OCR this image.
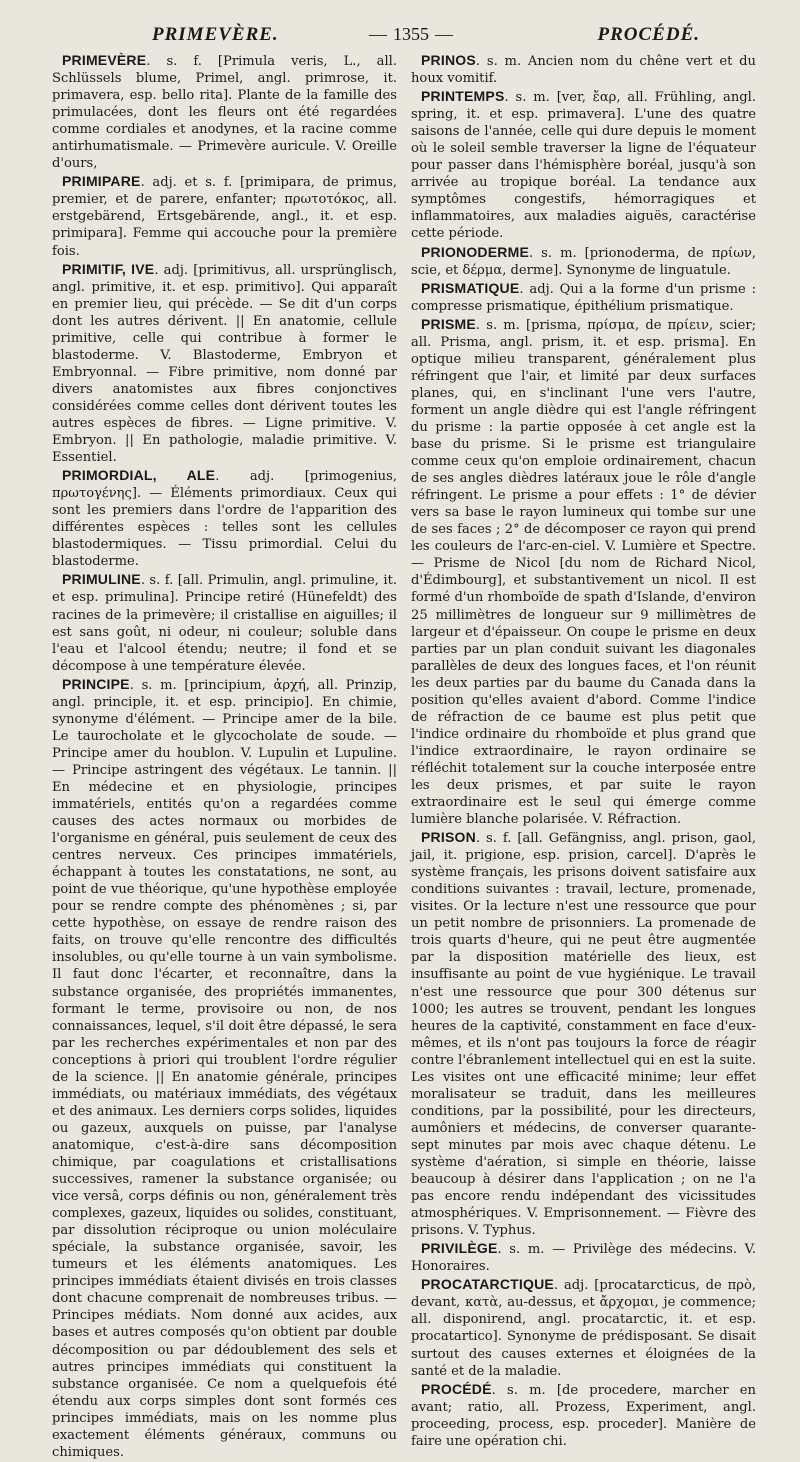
PRIMEVÈRE.	— 1355 —	PROCÉDÉ.

PRIMEVÈRE. s. f. [Primula veris, L., all. Schlüssels blume, Primel, angl. primrose, it. primavera, esp. bello rita]. Plante de la famille des primulacées, dont les fleurs ont été regardées comme cordiales et anodynes, et la racine comme antirhumatismale. — Primevère auricule. V. Oreille d'ours,

PRIMIPARE. adj. et s. f. [primipara, de primus, premier, et de parere, enfanter; πρωτοτόκος, all. erstgebärend, Ertsgebärende, angl., it. et esp. primipara]. Femme qui accouche pour la première fois.

PRIMITIF, IVE. adj. [primitivus, all. ursprünglisch, angl. primitive, it. et esp. primitivo]. Qui apparaît en premier lieu, qui précède. — Se dit d'un corps dont les autres dérivent. || En anatomie, cellule primitive, celle qui contribue à former le blastoderme. V. Blastoderme, Embryon et Embryonnal. — Fibre primitive, nom donné par divers anatomistes aux fibres conjonctives considérées comme celles dont dérivent toutes les autres espèces de fibres. — Ligne primitive. V. Embryon. || En pathologie, maladie primitive. V. Essentiel.

PRIMORDIAL, ALE. adj. [primogenius, πρωτογένης]. — Éléments primordiaux. Ceux qui sont les premiers dans l'ordre de l'apparition des différentes espèces : telles sont les cellules blastodermiques. — Tissu primordial. Celui du blastoderme.

PRIMULINE. s. f. [all. Primulin, angl. primuline, it. et esp. primulina]. Principe retiré (Hünefeldt) des racines de la primevère; il cristallise en aiguilles; il est sans goût, ni odeur, ni couleur; soluble dans l'eau et l'alcool étendu; neutre; il fond et se décompose à une température élevée.

PRINCIPE. s. m. [principium, ἀρχή, all. Prinzip, angl. principle, it. et esp. principio]. En chimie, synonyme d'élément. — Principe amer de la bile. Le taurocholate et le glycocholate de soude. — Principe amer du houblon. V. Lupulin et Lupuline. — Principe astringent des végétaux. Le tannin. || En médecine et en physiologie, principes immatériels, entités qu'on a regardées comme causes des actes normaux ou morbides de l'organisme en général, puis seulement de ceux des centres nerveux. Ces principes immatériels, échappant à toutes les constatations, ne sont, au point de vue théorique, qu'une hypothèse employée pour se rendre compte des phénomènes ; si, par cette hypothèse, on essaye de rendre raison des faits, on trouve qu'elle rencontre des difficultés insolubles, ou qu'elle tourne à un vain symbolisme. Il faut donc l'écarter, et reconnaître, dans la substance organisée, des propriétés immanentes, formant le terme, provisoire ou non, de nos connaissances, lequel, s'il doit être dépassé, le sera par les recherches expérimentales et non par des conceptions à priori qui troublent l'ordre régulier de la science. || En anatomie générale, principes immédiats, ou matériaux immédiats, des végétaux et des animaux. Les derniers corps solides, liquides ou gazeux, auxquels on puisse, par l'analyse anatomique, c'est-à-dire sans décomposition chimique, par coagulations et cristallisations successives, ramener la substance organisée; ou vice versâ, corps définis ou non, généralement très complexes, gazeux, liquides ou solides, constituant, par dissolution réciproque ou union moléculaire spéciale, la substance organisée, savoir, les tumeurs et les éléments anatomiques. Les principes immédiats étaient divisés en trois classes dont chacune comprenait de nombreuses tribus. — Principes médiats. Nom donné aux acides, aux bases et autres composés qu'on obtient par double décomposition ou par dédoublement des sels et autres principes immédiats qui constituent la substance organisée. Ce nom a quelquefois été étendu aux corps simples dont sont formés ces principes immédiats, mais on les nomme plus exactement éléments généraux, communs ou chimiques.

PRINOS. s. m. Ancien nom du chêne vert et du houx vomitif.

PRINTEMPS. s. m. [ver, ἔαρ, all. Frühling, angl. spring, it. et esp. primavera]. L'une des quatre saisons de l'année, celle qui dure depuis le moment où le soleil semble traverser la ligne de l'équateur pour passer dans l'hémisphère boréal, jusqu'à son arrivée au tropique boréal. La tendance aux symptômes congestifs, hémorragiques et inflammatoires, aux maladies aiguës, caractérise cette période.

PRIONODERME. s. m. [prionoderma, de πρίων, scie, et δέρμα, derme]. Synonyme de linguatule.

PRISMATIQUE. adj. Qui a la forme d'un prisme : compresse prismatique, épithélium prismatique.

PRISME. s. m. [prisma, πρίσμα, de πρίειν, scier; all. Prisma, angl. prism, it. et esp. prisma]. En optique milieu transparent, généralement plus réfringent que l'air, et limité par deux surfaces planes, qui, en s'inclinant l'une vers l'autre, forment un angle dièdre qui est l'angle réfringent du prisme : la partie opposée à cet angle est la base du prisme. Si le prisme est triangulaire comme ceux qu'on emploie ordinairement, chacun de ses angles dièdres latéraux joue le rôle d'angle réfringent. Le prisme a pour effets : 1° de dévier vers sa base le rayon lumineux qui tombe sur une de ses faces ; 2° de décomposer ce rayon qui prend les couleurs de l'arc-en-ciel. V. Lumière et Spectre. — Prisme de Nicol [du nom de Richard Nicol, d'Édimbourg], et substantivement un nicol. Il est formé d'un rhomboïde de spath d'Islande, d'environ 25 millimètres de longueur sur 9 millimètres de largeur et d'épaisseur. On coupe le prisme en deux parties par un plan conduit suivant les diagonales parallèles de deux des longues faces, et l'on réunit les deux parties par du baume du Canada dans la position qu'elles avaient d'abord. Comme l'indice de réfraction de ce baume est plus petit que l'indice ordinaire du rhomboïde et plus grand que l'indice extraordinaire, le rayon ordinaire se réfléchit totalement sur la couche interposée entre les deux prismes, et par suite le rayon extraordinaire est le seul qui émerge comme lumière blanche polarisée. V. Réfraction.

PRISON. s. f. [all. Gefängniss, angl. prison, gaol, jail, it. prigione, esp. prision, carcel]. D'après le système français, les prisons doivent satisfaire aux conditions suivantes : travail, lecture, promenade, visites. Or la lecture n'est une ressource que pour un petit nombre de prisonniers. La promenade de trois quarts d'heure, qui ne peut être augmentée par la disposition matérielle des lieux, est insuffisante au point de vue hygiénique. Le travail n'est une ressource que pour 300 détenus sur 1000; les autres se trouvent, pendant les longues heures de la captivité, constamment en face d'eux-mêmes, et ils n'ont pas toujours la force de réagir contre l'ébranlement intellectuel qui en est la suite. Les visites ont une efficacité minime; leur effet moralisateur se traduit, dans les meilleures conditions, par la possibilité, pour les directeurs, aumôniers et médecins, de converser quarante-sept minutes par mois avec chaque détenu. Le système d'aération, si simple en théorie, laisse beaucoup à désirer dans l'application ; on ne l'a pas encore rendu indépendant des vicissitudes atmosphériques. V. Emprisonnement. — Fièvre des prisons. V. Typhus.

PRIVILÈGE. s. m. — Privilège des médecins. V. Honoraires.

PROCATARCTIQUE. adj. [procatarcticus, de πρὸ, devant, κατὰ, au-dessus, et ἄρχομαι, je commence; all. disponirend, angl. procatarctic, it. et esp. procatartico]. Synonyme de prédisposant. Se disait surtout des causes externes et éloignées de la santé et de la maladie.

PROCÉDÉ. s. m. [de procedere, marcher en avant; ratio, all. Prozess, Experiment, angl. proceeding, process, esp. proceder]. Manière de faire une opération chi.
